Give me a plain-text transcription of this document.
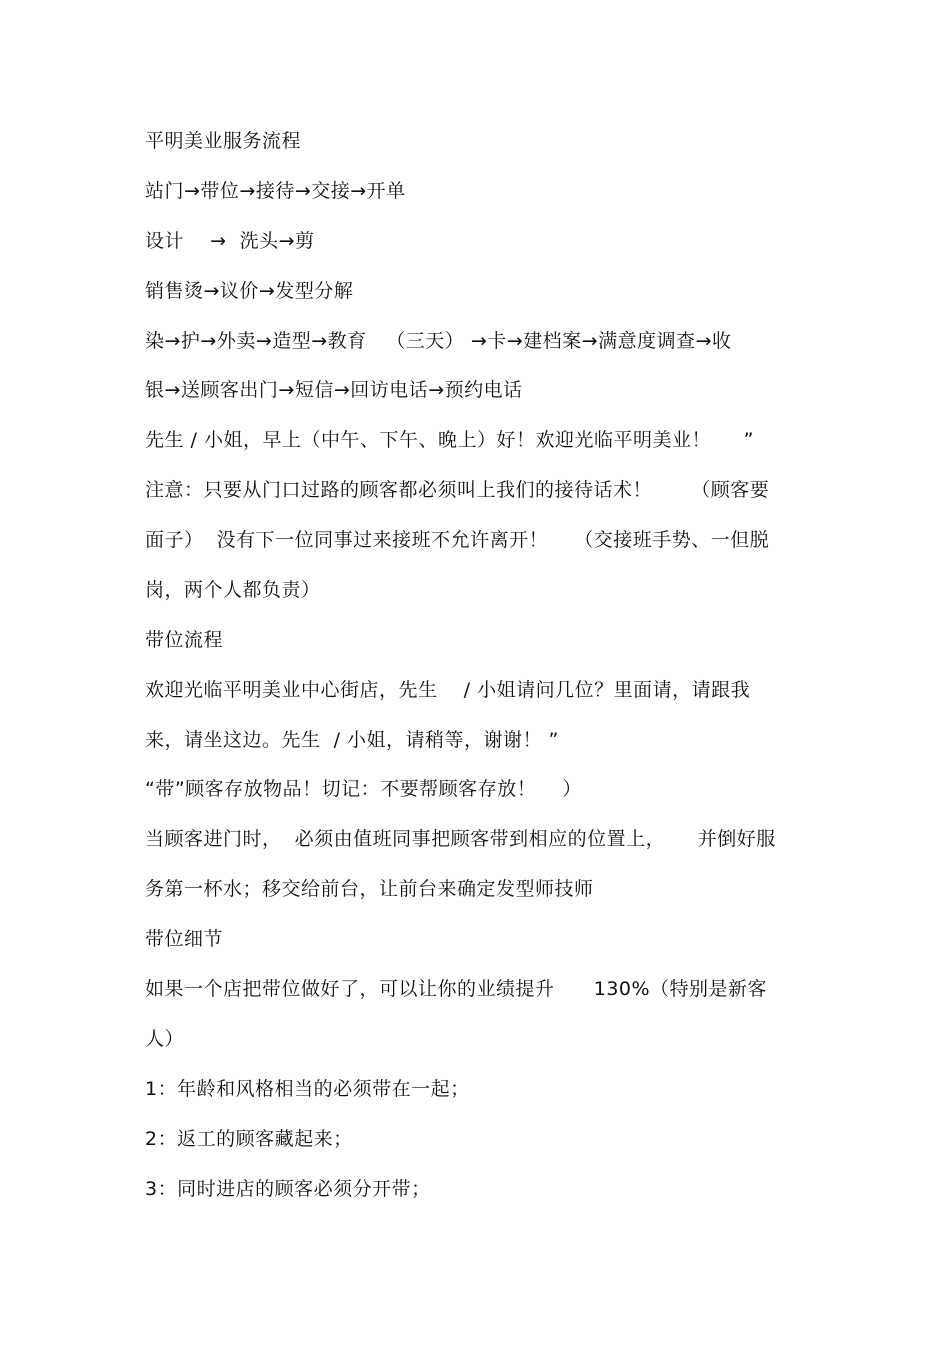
平明美业服务流程
站门→带位→接待→交接→开单
设计    →  洗头→剪
销售烫→议价→发型分解
染→护→外卖→造型→教育   （三天） →卡→建档案→满意度调查→收
银→送顾客出门→短信→回访电话→预约电话
先生 / 小姐，早上（中午、下午、晚上）好！欢迎光临平明美业！     ”
注意：只要从门口过路的顾客都必须叫上我们的接待话术！      （顾客要
面子）  没有下一位同事过来接班不允许离开！    （交接班手势、一但脱
岗，两个人都负责）
带位流程
欢迎光临平明美业中心街店，先生    / 小姐请问几位？里面请，请跟我
来，请坐这边。先生  / 小姐，请稍等，谢谢！ ”
“带”顾客存放物品！切记：不要帮顾客存放！    ）
当顾客进门时，  必须由值班同事把顾客带到相应的位置上，     并倒好服
务第一杯水；移交给前台，让前台来确定发型师技师
带位细节
如果一个店把带位做好了，可以让你的业绩提升      130%（特别是新客
人）
1：年龄和风格相当的必须带在一起；
2：返工的顾客藏起来；
3：同时进店的顾客必须分开带；
